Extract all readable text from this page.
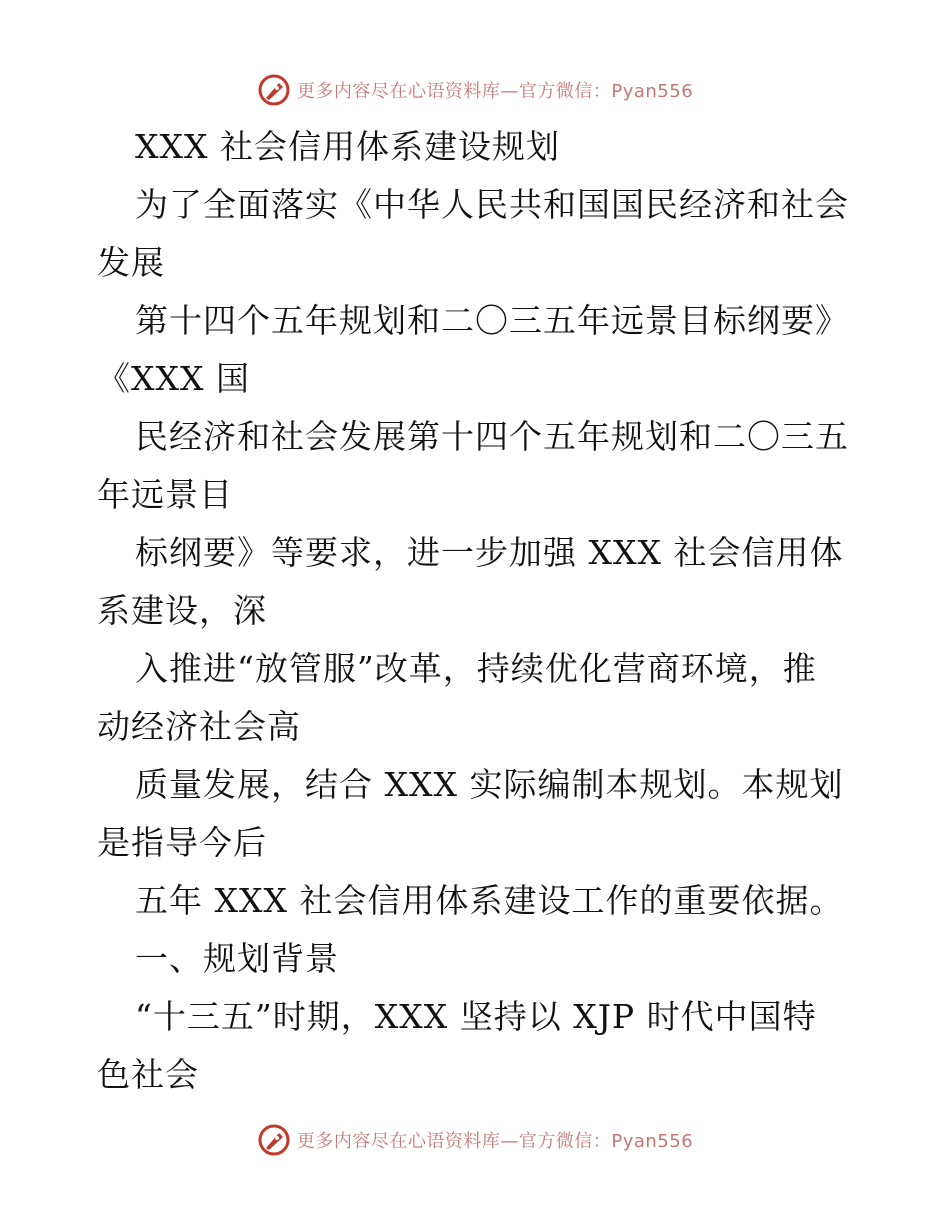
更多内容尽在心语资料库—官方微信：Pyan556
XXX 社会信用体系建设规划
为了全面落实《中华人民共和国国民经济和社会
发展
第十四个五年规划和二〇三五年远景目标纲要》
《XXX 国
民经济和社会发展第十四个五年规划和二〇三五
年远景目
标纲要》等要求，进一步加强 XXX 社会信用体
系建设，深
入推进“放管服”改革，持续优化营商环境，推
动经济社会高
质量发展，结合 XXX 实际编制本规划。本规划
是指导今后
五年 XXX 社会信用体系建设工作的重要依据。
一、规划背景
“十三五”时期，XXX 坚持以 XJP 时代中国特
色社会
更多内容尽在心语资料库—官方微信：Pyan556
